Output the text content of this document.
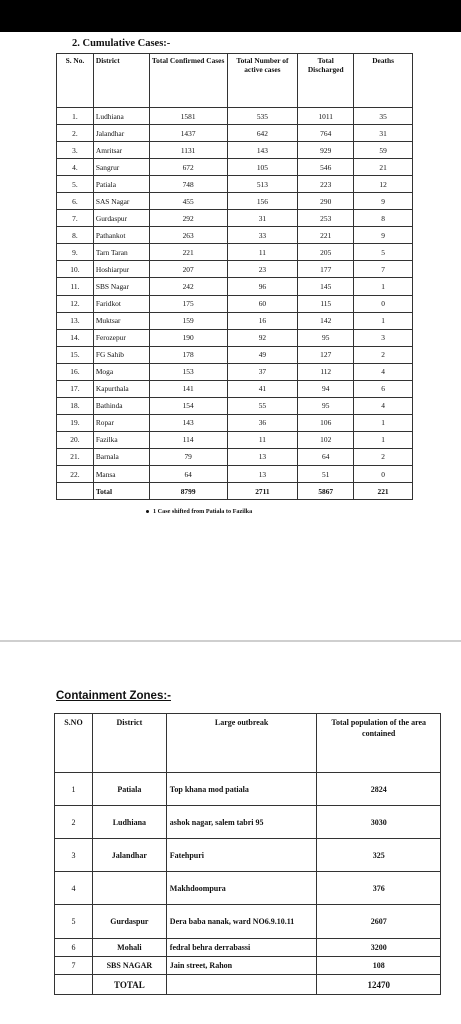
2. Cumulative Cases:-
S. No.	District	Total Confirmed Cases	Total Number of active cases	Total Discharged	Deaths
1.	Ludhiana	1581	535	1011	35
2.	Jalandhar	1437	642	764	31
3.	Amritsar	1131	143	929	59
4.	Sangrur	672	105	546	21
5.	Patiala	748	513	223	12
6.	SAS Nagar	455	156	290	9
7.	Gurdaspur	292	31	253	8
8.	Pathankot	263	33	221	9
9.	Tarn Taran	221	11	205	5
10.	Hoshiarpur	207	23	177	7
11.	SBS Nagar	242	96	145	1
12.	Faridkot	175	60	115	0
13.	Muktsar	159	16	142	1
14.	Ferozepur	190	92	95	3
15.	FG Sahib	178	49	127	2
16.	Moga	153	37	112	4
17.	Kapurthala	141	41	94	6
18.	Bathinda	154	55	95	4
19.	Ropar	143	36	106	1
20.	Fazilka	114	11	102	1
21.	Barnala	79	13	64	2
22.	Mansa	64	13	51	0
	Total	8799	2711	5867	221
1 Case shifted from Patiala to Fazilka
Containment Zones:-
S.NO	District	Large outbreak	Total population of the area contained
1	Patiala	Top khana mod patiala	2824
2	Ludhiana	ashok nagar, salem tabri 95	3030
3	Jalandhar	Fatehpuri	325
4		Makhdoompura	376
5	Gurdaspur	Dera baba nanak, ward NO6.9.10.11	2607
6	Mohali	fedral behra derrabassi	3200
7	SBS NAGAR	Jain street, Rahon	108
	TOTAL		12470
